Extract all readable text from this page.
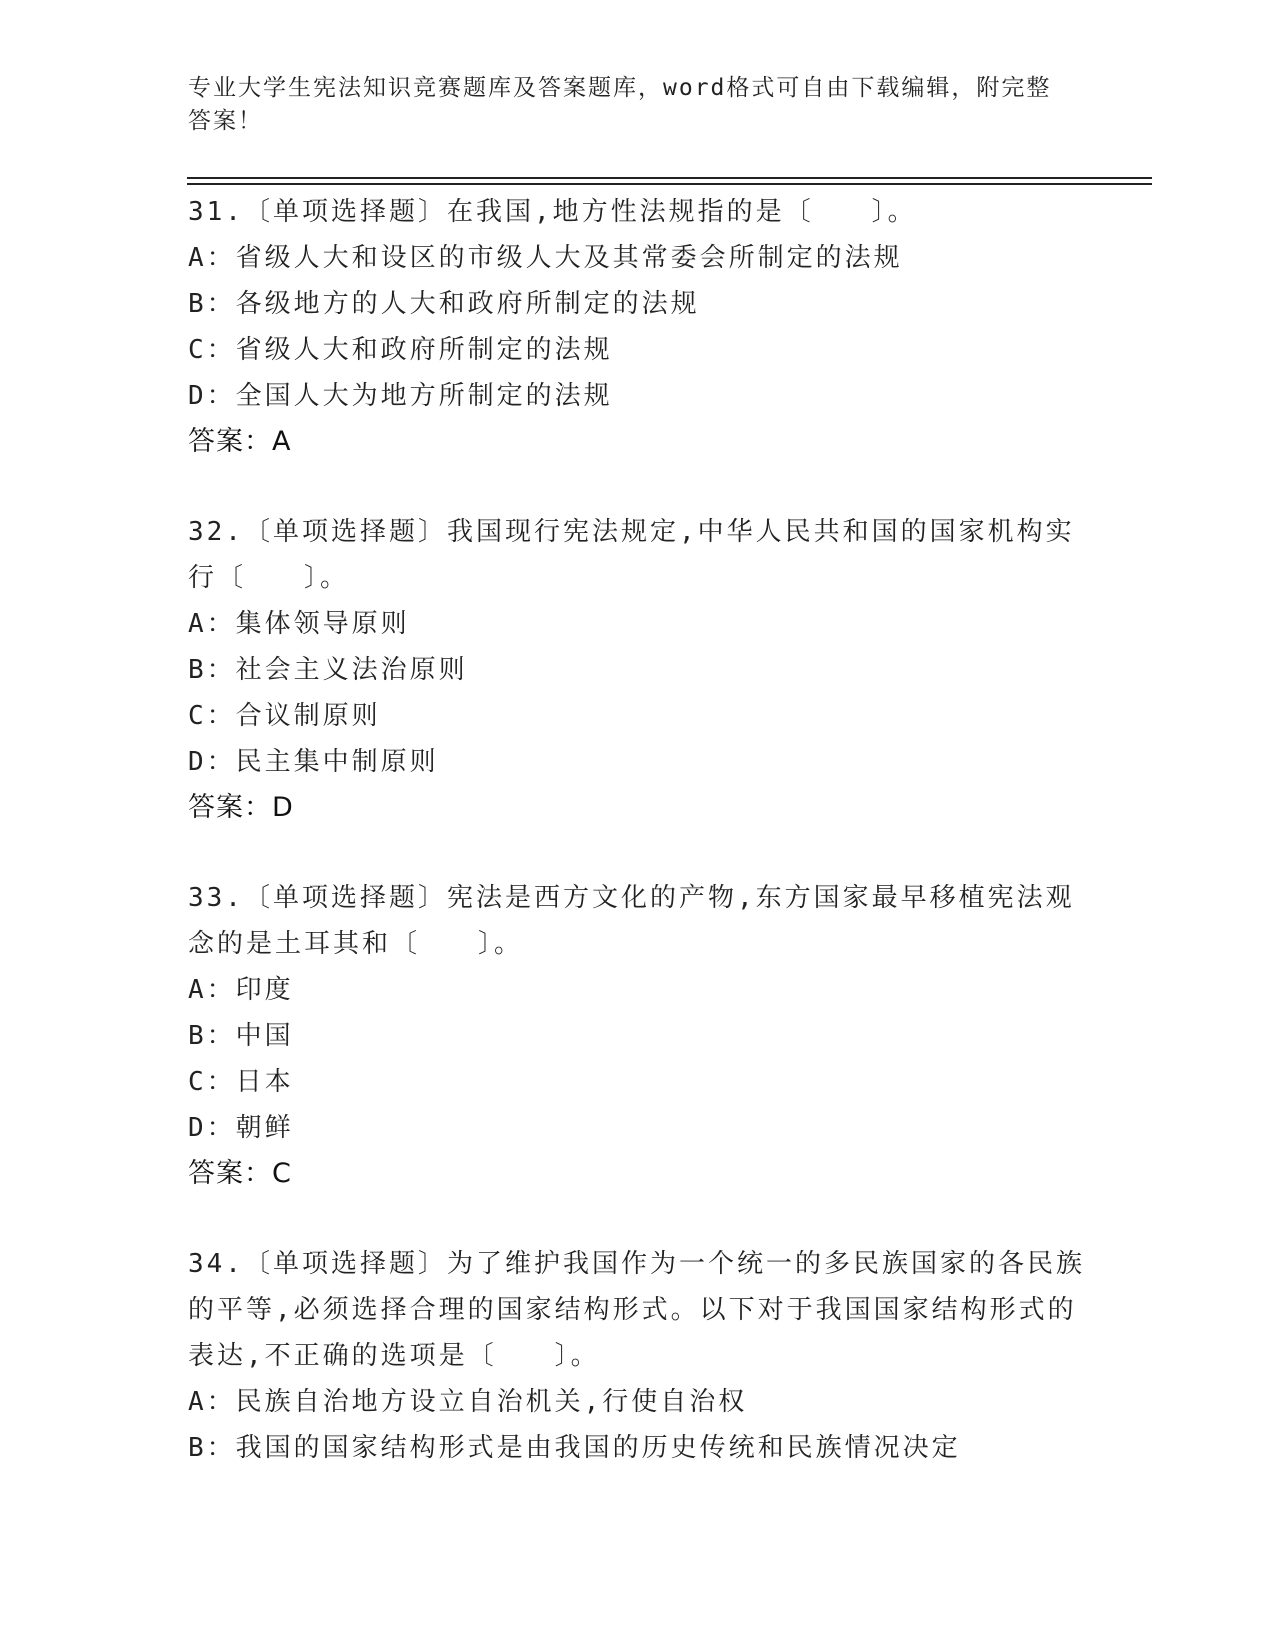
专业大学生宪法知识竞赛题库及答案题库，word格式可自由下载编辑，附完整答案！
31.〔单项选择题〕在我国,地方性法规指的是〔　　〕。
A：省级人大和设区的市级人大及其常委会所制定的法规
B：各级地方的人大和政府所制定的法规
C：省级人大和政府所制定的法规
D：全国人大为地方所制定的法规
答案：A
32.〔单项选择题〕我国现行宪法规定,中华人民共和国的国家机构实
行〔　　〕。
A：集体领导原则
B：社会主义法治原则
C：合议制原则
D：民主集中制原则
答案：D
33.〔单项选择题〕宪法是西方文化的产物,东方国家最早移植宪法观
念的是土耳其和〔　　〕。
A：印度
B：中国
C：日本
D：朝鲜
答案：C
34.〔单项选择题〕为了维护我国作为一个统一的多民族国家的各民族
的平等,必须选择合理的国家结构形式。以下对于我国国家结构形式的
表达,不正确的选项是〔　　〕。
A：民族自治地方设立自治机关,行使自治权
B：我国的国家结构形式是由我国的历史传统和民族情况决定
